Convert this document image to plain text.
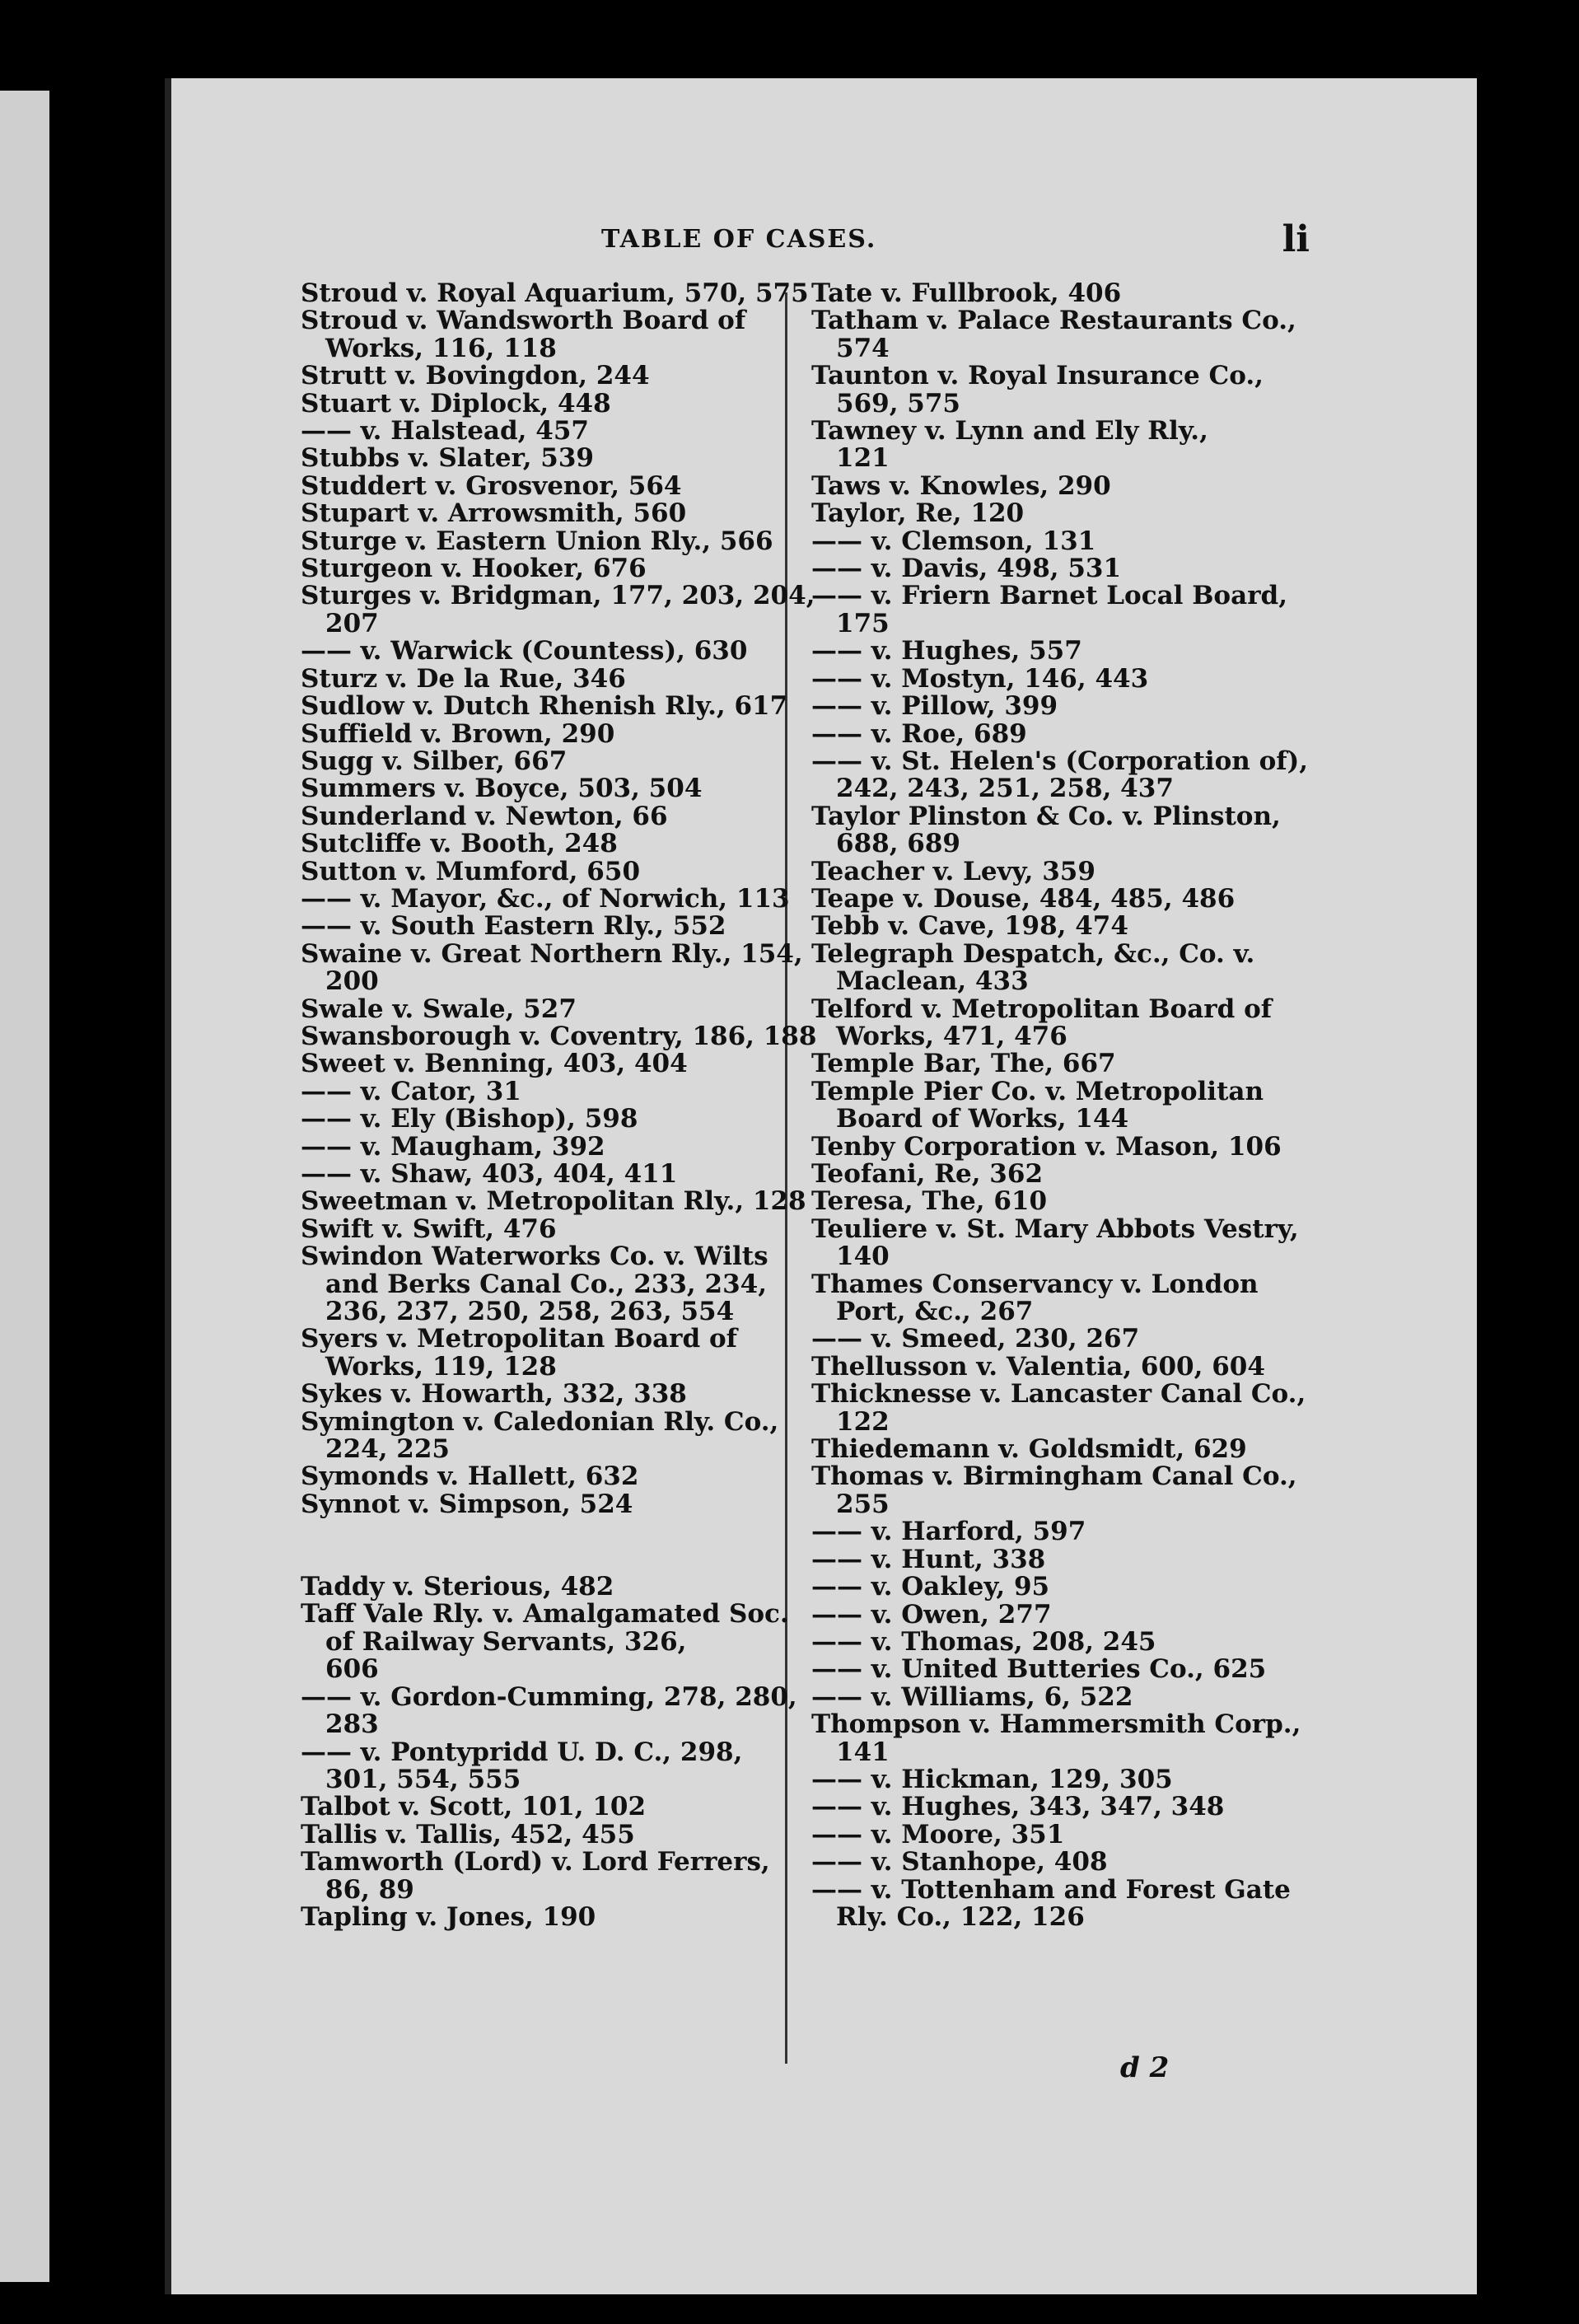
TABLE OF CASES.	li
Stroud v. Royal Aquarium, 570, 575
Stroud v. Wandsworth Board of
Works, 116, 118
Strutt v. Bovingdon, 244
Stuart v. Diplock, 448
—— v. Halstead, 457
Stubbs v. Slater, 539
Studdert v. Grosvenor, 564
Stupart v. Arrowsmith, 560
Sturge v. Eastern Union Rly., 566
Sturgeon v. Hooker, 676
Sturges v. Bridgman, 177, 203, 204,
207
—— v. Warwick (Countess), 630
Sturz v. De la Rue, 346
Sudlow v. Dutch Rhenish Rly., 617
Suffield v. Brown, 290
Sugg v. Silber, 667
Summers v. Boyce, 503, 504
Sunderland v. Newton, 66
Sutcliffe v. Booth, 248
Sutton v. Mumford, 650
—— v. Mayor, &c., of Norwich, 113
—— v. South Eastern Rly., 552
Swaine v. Great Northern Rly., 154,
200
Swale v. Swale, 527
Swansborough v. Coventry, 186, 188
Sweet v. Benning, 403, 404
—— v. Cator, 31
—— v. Ely (Bishop), 598
—— v. Maugham, 392
—— v. Shaw, 403, 404, 411
Sweetman v. Metropolitan Rly., 128
Swift v. Swift, 476
Swindon Waterworks Co. v. Wilts
and Berks Canal Co., 233, 234,
236, 237, 250, 258, 263, 554
Syers v. Metropolitan Board of
Works, 119, 128
Sykes v. Howarth, 332, 338
Symington v. Caledonian Rly. Co.,
224, 225
Symonds v. Hallett, 632
Synnot v. Simpson, 524
Taddy v. Sterious, 482
Taff Vale Rly. v. Amalgamated Soc.
of Railway Servants, 326,
606
—— v. Gordon-Cumming, 278, 280,
283
—— v. Pontypridd U. D. C., 298,
301, 554, 555
Talbot v. Scott, 101, 102
Tallis v. Tallis, 452, 455
Tamworth (Lord) v. Lord Ferrers,
86, 89
Tapling v. Jones, 190
Tate v. Fullbrook, 406
Tatham v. Palace Restaurants Co.,
574
Taunton v. Royal Insurance Co.,
569, 575
Tawney v. Lynn and Ely Rly.,
121
Taws v. Knowles, 290
Taylor, Re, 120
—— v. Clemson, 131
—— v. Davis, 498, 531
—— v. Friern Barnet Local Board,
175
—— v. Hughes, 557
—— v. Mostyn, 146, 443
—— v. Pillow, 399
—— v. Roe, 689
—— v. St. Helen's (Corporation of),
242, 243, 251, 258, 437
Taylor Plinston & Co. v. Plinston,
688, 689
Teacher v. Levy, 359
Teape v. Douse, 484, 485, 486
Tebb v. Cave, 198, 474
Telegraph Despatch, &c., Co. v.
Maclean, 433
Telford v. Metropolitan Board of
Works, 471, 476
Temple Bar, The, 667
Temple Pier Co. v. Metropolitan
Board of Works, 144
Tenby Corporation v. Mason, 106
Teofani, Re, 362
Teresa, The, 610
Teuliere v. St. Mary Abbots Vestry,
140
Thames Conservancy v. London
Port, &c., 267
—— v. Smeed, 230, 267
Thellusson v. Valentia, 600, 604
Thicknesse v. Lancaster Canal Co.,
122
Thiedemann v. Goldsmidt, 629
Thomas v. Birmingham Canal Co.,
255
—— v. Harford, 597
—— v. Hunt, 338
—— v. Oakley, 95
—— v. Owen, 277
—— v. Thomas, 208, 245
—— v. United Butteries Co., 625
—— v. Williams, 6, 522
Thompson v. Hammersmith Corp.,
141
—— v. Hickman, 129, 305
—— v. Hughes, 343, 347, 348
—— v. Moore, 351
—— v. Stanhope, 408
—— v. Tottenham and Forest Gate
Rly. Co., 122, 126
d 2
